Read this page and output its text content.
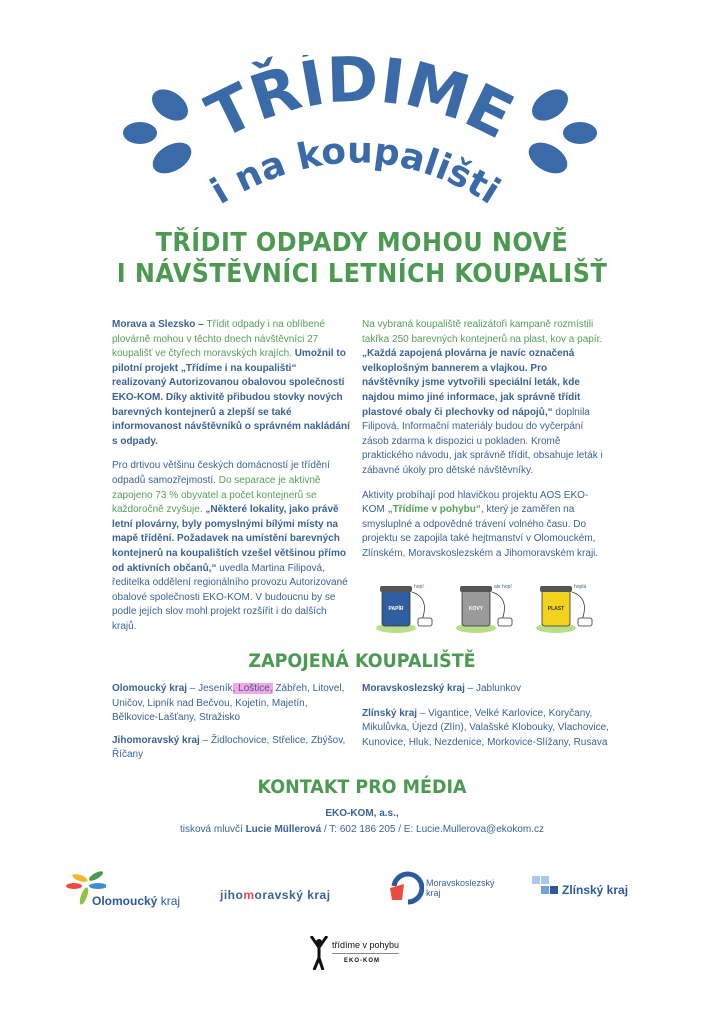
TŘÍDÍME
i na koupališti
TŘÍDIT ODPADY MOHOU NOVĚ
I NÁVŠTĚVNÍCI LETNÍCH KOUPALIŠŤ

Morava a Slezsko – Třídit odpady i na oblíbené plovárně mohou v těchto dnech návštěvníci 27 koupališť ve čtyřech moravských krajích. Umožnil to pilotní projekt „Třídíme i na koupališti“ realizovaný Autorizovanou obalovou společností EKO-KOM. Díky aktivitě přibudou stovky nových barevných kontejnerů a zlepší se také informovanost návštěvníků o správném nakládání s odpady.

Pro drtivou většinu českých domácností je třídění odpadů samozřejmostí. Do separace je aktivně zapojeno 73 % obyvatel a počet kontejnerů se každoročně zvyšuje. „Některé lokality, jako právě letní plovárny, byly pomyslnými bílými místy na mapě třídění. Požadavek na umístění barevných kontejnerů na koupalištích vzešel většinou přímo od aktivních občanů,“ uvedla Martina Filipová, ředitelka oddělení regionálního provozu Autorizované obalové společnosti EKO-KOM. V budoucnu by se podle jejích slov mohl projekt rozšířit i do dalších krajů.

Na vybraná koupaliště realizátoři kampaně rozmístili takřka 250 barevných kontejnerů na plast, kov a papír. „Každá zapojená plovárna je navíc označená velkoplošným bannerem a vlajkou. Pro návštěvníky jsme vytvořili speciální leták, kde najdou mimo jiné informace, jak správně třídit plastové obaly či plechovky od nápojů,“ doplnila Filipová. Informační materiály budou do vyčerpání zásob zdarma k dispozici u pokladen. Kromě praktického návodu, jak správně třídit, obsahuje leták i zábavné úkoly pro dětské návštěvníky.

Aktivity probíhají pod hlavičkou projektu AOS EKO-KOM „Třídíme v pohybu“, který je zaměřen na smysluplné a odpovědné trávení volného času. Do projektu se zapojila také hejtmanství v Olomouckém, Zlínském, Moravskoslezském a Jihomoravském kraji.

PAPÍR
hop!
KOVY
ale hop!
PLAST
hoplá
ZAPOJENÁ KOUPALIŠTĚ

Olomoucký kraj – Jeseník, Loštice, Zábřeh, Litovel, Uničov, Lipník nad Bečvou, Kojetín, Majetín, Bělkovice-Lašťany, Stražisko

Jihomoravský kraj – Židlochovice, Střelice, Zbýšov, Říčany

Moravskoslezský kraj – Jablunkov

Zlínský kraj – Vigantice, Velké Karlovice, Koryčany, Mikulůvka, Újezd (Zlín), Valašské Klobouky, Vlachovice, Kunovice, Hluk, Nezdenice, Morkovice-Slížany, Rusava

KONTAKT PRO MÉDIA
EKO-KOM, a.s.,
tisková mluvčí Lucie Müllerová / T: 602 186 205 / E: Lucie.Mullerova@ekokom.cz
Olomoucký kraj	jiho m oravský kraj
Moravskoslezský
kraj	Zlínský kraj
třídíme v pohybu
EKO-KOM
